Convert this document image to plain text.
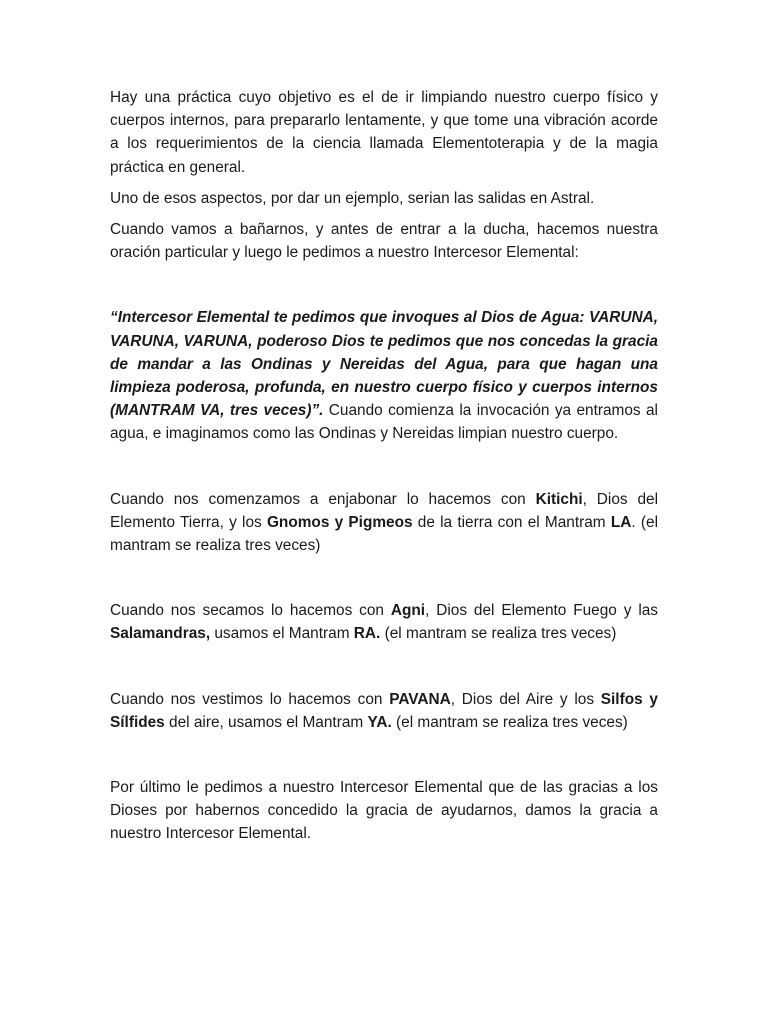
Hay una práctica cuyo objetivo es el de ir limpiando nuestro cuerpo físico y cuerpos internos, para prepararlo lentamente, y que tome una vibración acorde a los requerimientos de la ciencia llamada Elementoterapia y de la magia práctica en general.

Uno de esos aspectos, por dar un ejemplo, serian las salidas en Astral.

Cuando vamos a bañarnos, y antes de entrar a la ducha, hacemos nuestra oración particular y luego le pedimos a nuestro Intercesor Elemental:

“Intercesor Elemental te pedimos que invoques al Dios de Agua: VARUNA, VARUNA, VARUNA, poderoso Dios te pedimos que nos concedas la gracia de mandar a las Ondinas y Nereidas del Agua, para que hagan una limpieza poderosa, profunda, en nuestro cuerpo físico y cuerpos internos (MANTRAM VA, tres veces)”. Cuando comienza la invocación ya entramos al agua, e imaginamos como las Ondinas y Nereidas limpian nuestro cuerpo.

Cuando nos comenzamos a enjabonar lo hacemos con Kitichi, Dios del Elemento Tierra, y los Gnomos y Pigmeos de la tierra con el Mantram LA. (el mantram se realiza tres veces)

Cuando nos secamos lo hacemos con Agni, Dios del Elemento Fuego y las Salamandras, usamos el Mantram RA. (el mantram se realiza tres veces)

Cuando nos vestimos lo hacemos con PAVANA, Dios del Aire y los Silfos y Sílfides del aire, usamos el Mantram YA. (el mantram se realiza tres veces)

Por último le pedimos a nuestro Intercesor Elemental que de las gracias a los Dioses por habernos concedido la gracia de ayudarnos, damos la gracia a nuestro Intercesor Elemental.
